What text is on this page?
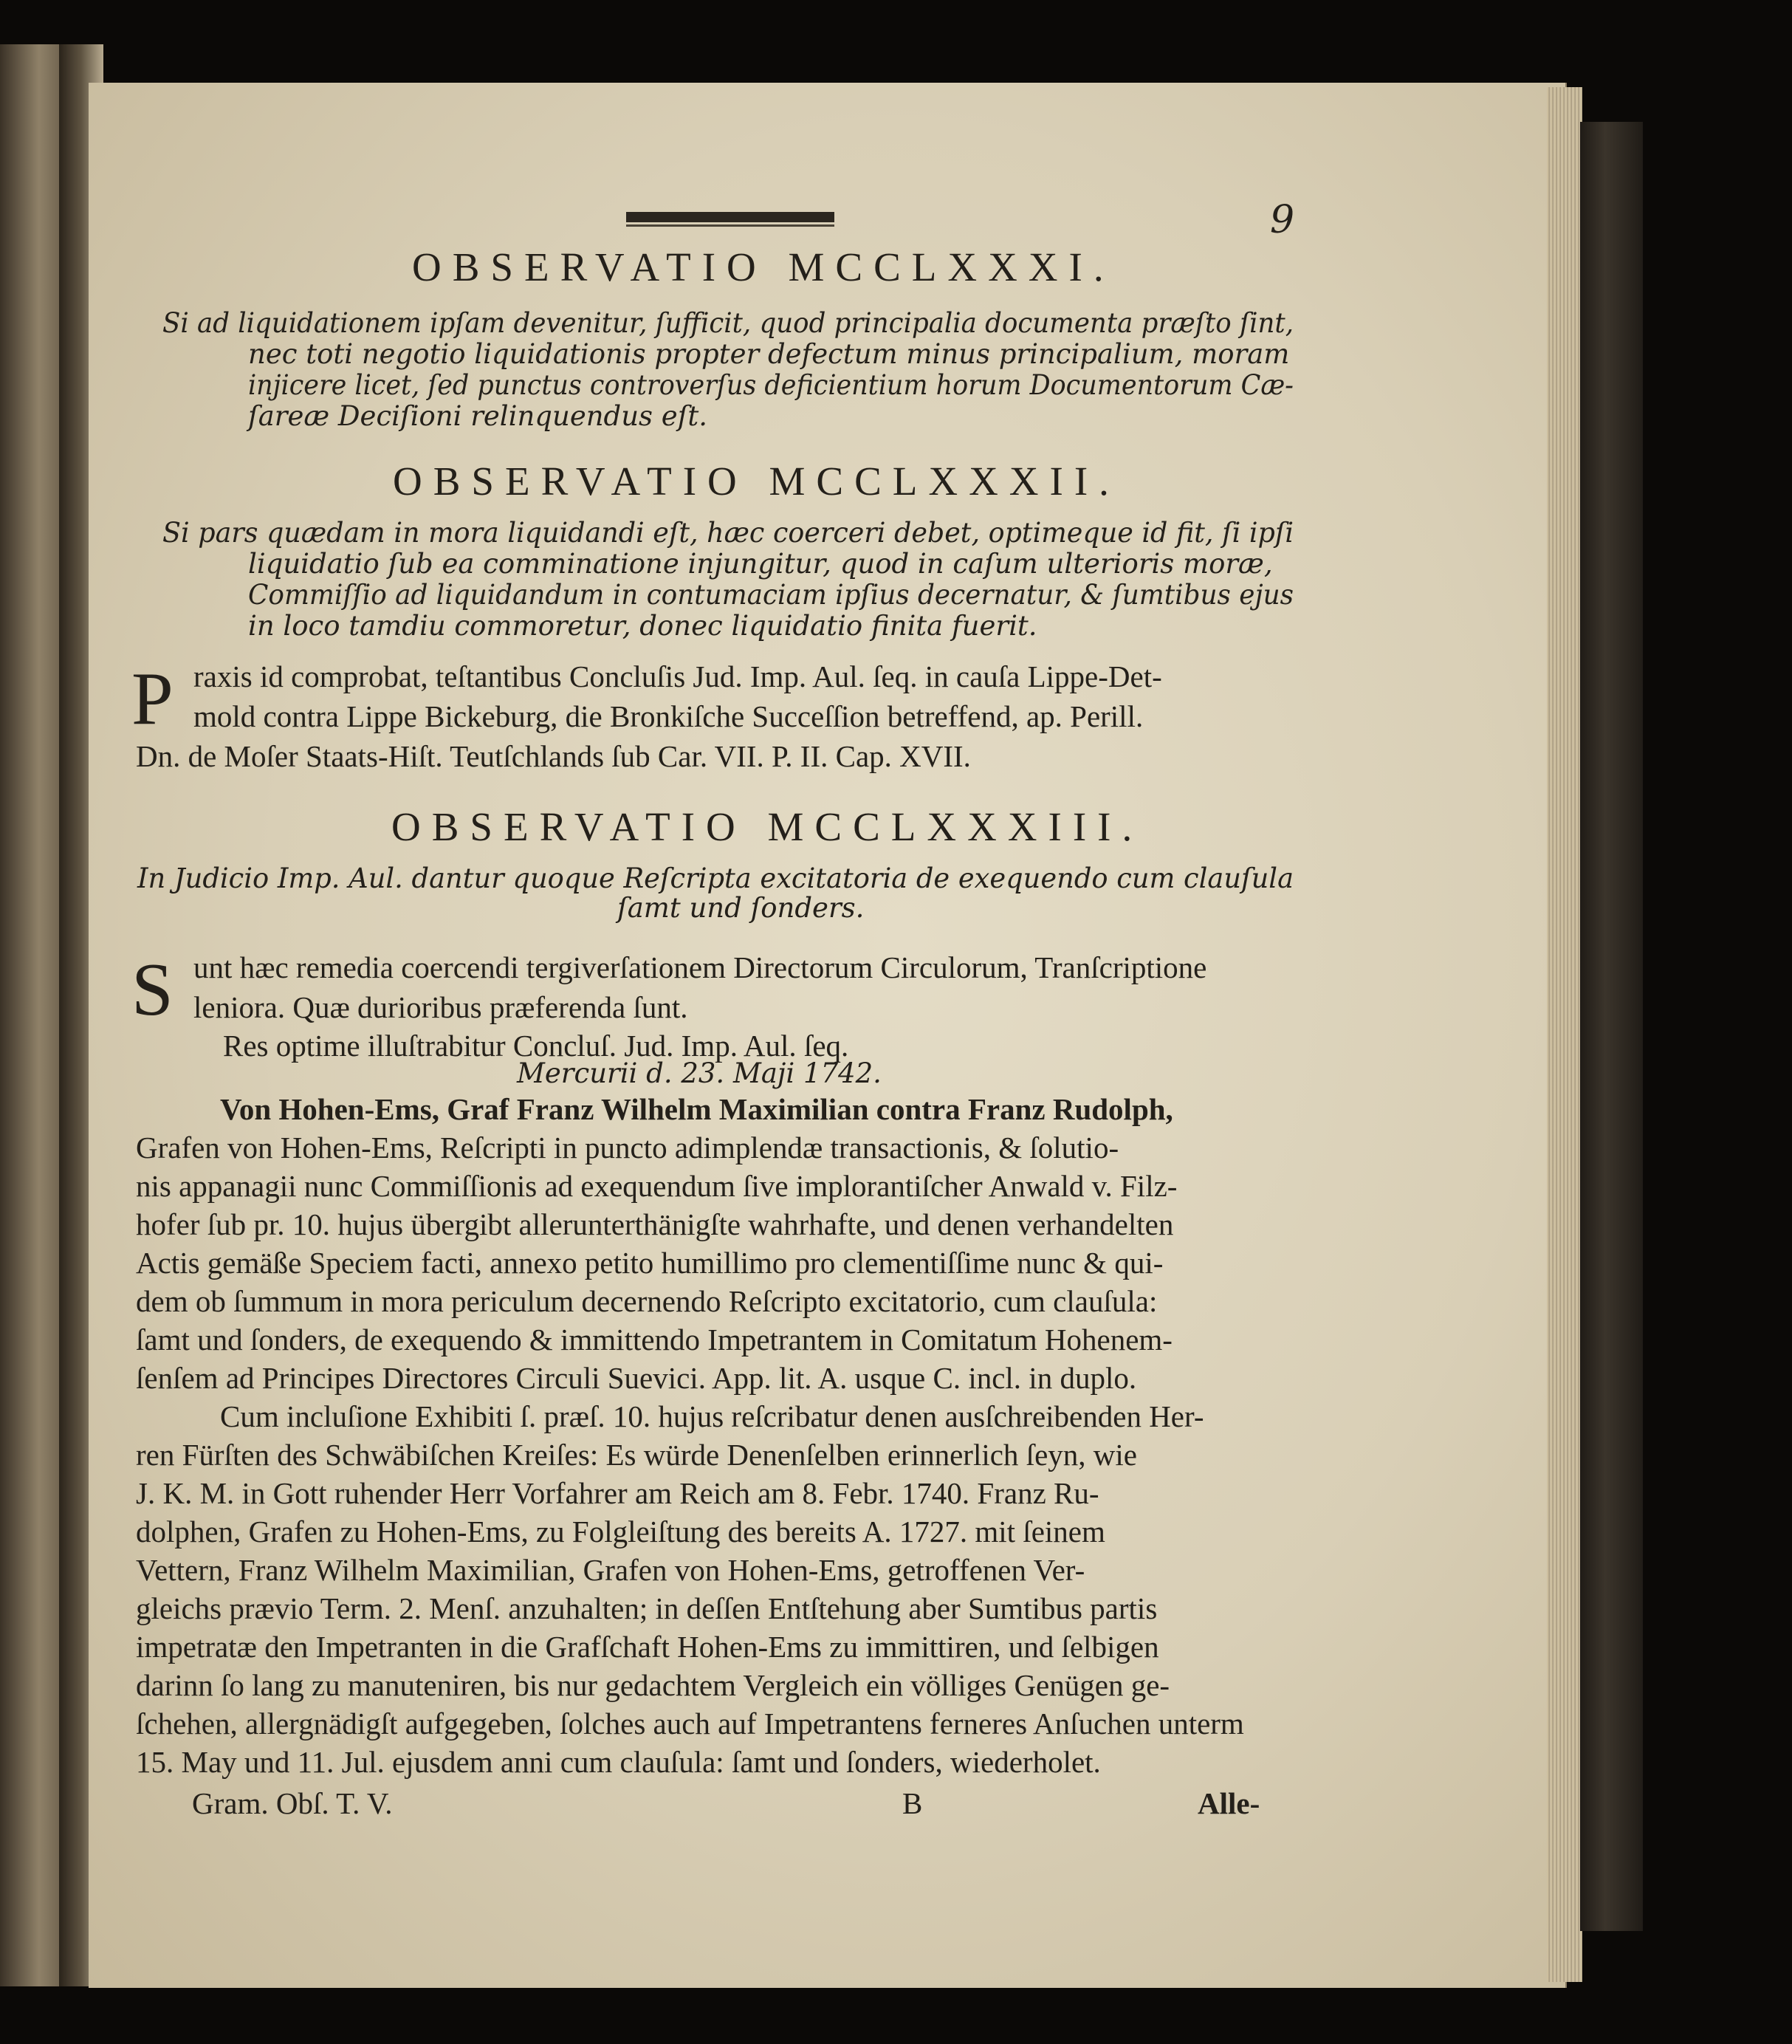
9
OBSERVATIO MCCLXXXI.
Si ad liquidationem ipſam devenitur, ſufficit, quod principalia documenta præſto ſint,
nec toti negotio liquidationis propter defectum minus principalium, moram
injicere licet, ſed punctus controverſus deficientium horum Documentorum Cæ-
ſareæ Deciſioni relinquendus eſt.
OBSERVATIO MCCLXXXII.
Si pars quædam in mora liquidandi eſt, hæc coerceri debet, optimeque id fit, ſi ipſi
liquidatio ſub ea comminatione injungitur, quod in caſum ulterioris moræ,
Commiſſio ad liquidandum in contumaciam ipſius decernatur, & ſumtibus ejus
in loco tamdiu commoretur, donec liquidatio finita fuerit.
raxis id comprobat, teſtantibus Concluſis Jud. Imp. Aul. ſeq. in cauſa Lippe-Det-
mold contra Lippe Bickeburg, die Bronkiſche Succeſſion betreffend, ap. Perill.
Dn. de Moſer Staats-Hiſt. Teutſchlands ſub Car. VII. P. II. Cap. XVII.
OBSERVATIO MCCLXXXIII.
In Judicio Imp. Aul. dantur quoque Reſcripta excitatoria de exequendo cum clauſula
ſamt und ſonders.
unt hæc remedia coercendi tergiverſationem Directorum Circulorum, Tranſcriptione
leniora. Quæ durioribus præferenda ſunt.
Res optime illuſtrabitur Concluſ. Jud. Imp. Aul. ſeq.
Mercurii d. 23. Maji 1742.
Von Hohen-Ems, Graf Franz Wilhelm Maximilian contra Franz Rudolph,
Grafen von Hohen-Ems, Reſcripti in puncto adimplendæ transactionis, & ſolutio-
nis appanagii nunc Commiſſionis ad exequendum ſive implorantiſcher Anwald v. Filz-
hofer ſub pr. 10. hujus übergibt allerunterthänigſte wahrhafte, und denen verhandelten
Actis gemäße Speciem facti, annexo petito humillimo pro clementiſſime nunc & qui-
dem ob ſummum in mora periculum decernendo Reſcripto excitatorio, cum clauſula:
ſamt und ſonders, de exequendo & immittendo Impetrantem in Comitatum Hohenem-
ſenſem ad Principes Directores Circuli Suevici. App. lit. A. usque C. incl. in duplo.
Cum incluſione Exhibiti ſ. præſ. 10. hujus reſcribatur denen ausſchreibenden Her-
ren Fürſten des Schwäbiſchen Kreiſes: Es würde Denenſelben erinnerlich ſeyn, wie
J. K. M. in Gott ruhender Herr Vorfahrer am Reich am 8. Febr. 1740. Franz Ru-
dolphen, Grafen zu Hohen-Ems, zu Folgleiſtung des bereits A. 1727. mit ſeinem
Vettern, Franz Wilhelm Maximilian, Grafen von Hohen-Ems, getroffenen Ver-
gleichs prævio Term. 2. Menſ. anzuhalten; in deſſen Entſtehung aber Sumtibus partis
impetratæ den Impetranten in die Grafſchaft Hohen-Ems zu immittiren, und ſelbigen
darinn ſo lang zu manuteniren, bis nur gedachtem Vergleich ein völliges Genügen ge-
ſchehen, allergnädigſt aufgegeben, ſolches auch auf Impetrantens ferneres Anſuchen unterm
15. May und 11. Jul. ejusdem anni cum clauſula: ſamt und ſonders, wiederholet.
Gram. Obſ. T. V.	B	Alle-
P
S
